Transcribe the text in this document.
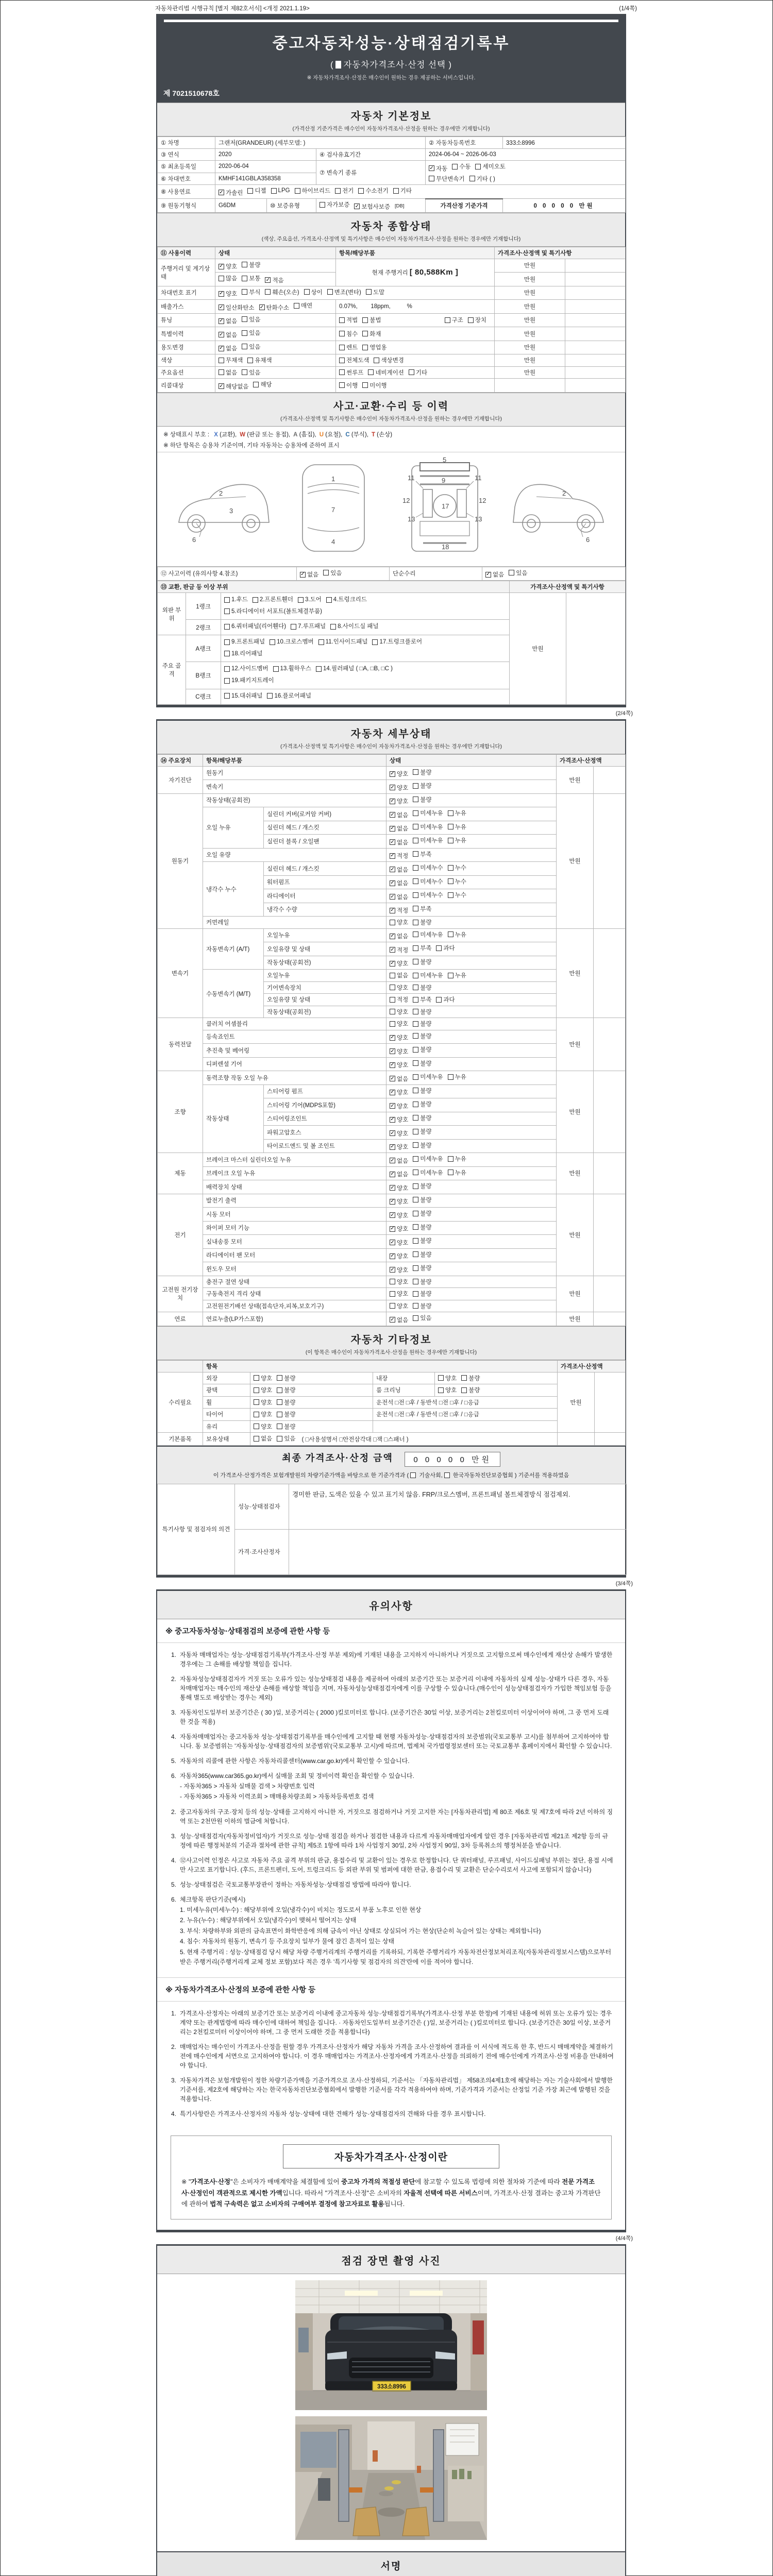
자동차관리법 시행규칙 [별지 제82호서식] <개정 2021.1.19>	(1/4쪽)
중고자동차성능·상태점검기록부
( 자동차가격조사·산정 선택 )
※ 자동차가격조사·산정은 매수인이 원하는 경우 제공하는 서비스입니다.
제 7021510678호
자동차 기본정보
(가격산정 기준가격은 매수인이 자동차가격조사·산정을 원하는 경우에만 기재합니다)
① 차명	그랜저(GRANDEUR) (세부모델: )			② 자동차등록번호	333소8996
③ 연식	2020		④ 검사유효기간	2024-06-04 ~ 2026-06-03	
⑤ 최초등록일	2020-06-04		⑦ 변속기 종류	
✓
자동 수동 세미오토
무단변속기 기타 ( )

⑥ 차대번호	KMHF141GBLA358358				
⑧ 사용연료	
✓가솔린 디젤 LPG 하이브리드 전기 수소전기 기타

⑨ 원동기형식	G6DM	⑩ 보증유형	자가보증 ✓ 보험사보증 [DB]	가격산정 기준가격	0 0 0 0 0 만원
자동차 종합상태
(색상, 주요옵션, 가격조사·산정액 및 특기사항은 매수인이 자동차가격조사·산정을 원하는 경우에만 기재합니다)
⑪ 사용이력	상태	항목/해당부품	가격조사·산정액 및 특기사항	
주행거리 및 계기상태	
✓
양호 불량	현재 주행거리 [ 80,588Km ]	만원	

	많음 보통 ✓ 적음		만원	
차대번호 표기	
✓양호 부식 훼손(오손) 상이 변조(변타) 도말	만원	
배출가스	
✓일산화탄소 ✓ 탄화수소 매연	0.07%,        18ppm,          %	만원	
튜닝	
✓없음 있음	적법 불법 구조 장치	만원	
특별이력	
✓없음 있음	침수 화재	만원	
용도변경	
✓없음 있음	렌트 영업용	만원	
색상	무채색 유채색	전체도색 색상변경	만원	
주요옵션	없음 있음	썬루프 네비게이션 기타	만원	
리콜대상	
✓해당없음 해당	이행 미이행		

사고·교환·수리 등 이력
(가격조사·산정액 및 특기사항은 매수인이 자동차가격조사·산정을 원하는 경우에만 기재합니다)
※ 상태표시 부호 : X (교환), W (판금 또는 용접), A (흠집), U (요철), C (부식), T (손상)
※ 하단 항목은 승용차 기준이며, 기타 자동차는 승용차에 준하여 표시
2
3
6
1
7
4
5
11	11
9
13	13
12	12
17
18
2
6
⑫ 사고이력 (유의사항 4.참조)	
✓없음 있음	단순수리	
✓없음 있음
⑬ 교환, 판금 등 이상 부위			가격조사·산정액 및 특기사항	
외판 부위	1랭크	1.후드 2.프론트휀더 3.도어 4.트렁크리드

5.라디에이터 서포트(볼트체결부품)	만원	
	2랭크	6.쿼터패널(리어휀다) 7.루프패널 8.사이드실 패널		

주요 골격	A랭크	9.프론트패널 10.크로스멤버 11.인사이드패널 17.트렁크플로어

18.리어패널		

	B랭크	12.사이드멤버 13.휠하우스 14.필러패널 ( □A, □B, □C )

19.패키지트레이		

	C랭크	15.대쉬패널 16.플로어패널		
(2/4쪽)
자동차 세부상태
(가격조사·산정액 및 특기사항은 매수인이 자동차가격조사·산정을 원하는 경우에만 기재합니다)
⑭ 주요장치	항목/해당부품		상태	가격조사·산정액	
자기진단	원동기	
✓양호 불량	만원	
	변속기	
✓양호 불량

원동기	작동상태(공회전)	
✓양호 불량	만원	
	오일 누유	실린더 커버(로커암 커버)	
✓없음 미세누유 누유

		실린더 헤드 / 개스킷	
✓없음 미세누유 누유

		실린더 블록 / 오일팬	
✓없음 미세누유 누유

	오일 유량	
✓적정 부족

	냉각수 누수	실린더 헤드 / 개스킷	
✓없음 미세누수 누수

		워터펌프	
✓없음 미세누수 누수

		라디에이터	
✓없음 미세누수 누수

		냉각수 수량	
✓적정 부족

	커먼레일		양호 불량		

변속기	자동변속기 (A/T)	오일누유	
✓없음 미세누유 누유	만원	
		오일유량 및 상태	
✓적정 부족 과다

		작동상태(공회전)	
✓양호 불량

	수동변속기 (M/T)	오일누유	없음 미세누유 누유		

		기어변속장치	양호 불량		

		오일유량 및 상태	적정 부족 과다		

		작동상태(공회전)	양호 불량		

동력전달	클러치 어셈블리		양호 불량	만원	
	등속죠인트	
✓양호 불량

	추진축 및 베어링	
✓양호 불량

	디퍼렌셜 기어	
✓양호 불량

조향	동력조향 작동 오일 누유	
✓없음 미세누유 누유	만원	
	작동상태	스티어링 펌프	
✓양호 불량

		스티어링 기어(MDPS포함)	
✓양호 불량

		스티어링조인트	
✓양호 불량

		파워고압호스	
✓양호 불량

		타이로드엔드 및 볼 조인트	
✓양호 불량

제동	브레이크 마스터 실린더오일 누유	
✓없음 미세누유 누유	만원	
	브레이크 오일 누유	
✓없음 미세누유 누유

	배력장치 상태	
✓양호 불량

전기	발전기 출력	
✓양호 불량	만원	
	시동 모터	
✓양호 불량

	와이퍼 모터 기능	
✓양호 불량

	실내송풍 모터	
✓양호 불량

	라디에이터 팬 모터	
✓양호 불량

	윈도우 모터	
✓양호 불량

고전원 전기장치	충전구 절연 상태		양호 불량	만원	
	구동축전지 격리 상태		양호 불량		

	고전원전기배선 상태(접속단자,피복,보호기구)		양호 불량		

연료	연료누출(LP가스포함)	
✓없음 있음	만원	
자동차 기타정보
(이 항목은 매수인이 자동차가격조사·산정을 원하는 경우에만 기재합니다)
	항목				가격조사·산정액	
수리필요	외장	양호 불량	내장	양호 불량	만원	
	광택	양호 불량	룸 크리닝	양호 불량		

	휠	양호 불량	운전석 □전 □후 / 동반석 □전 □후 / □응급			
	타이어	양호 불량	운전석 □전 □후 / 동반석 □전 □후 / □응급			
	유리	양호 불량				

기본품목	보유상태	없음 있음 ( □사용설명서 □안전삼각대 □잭 □스패너 )				

최종 가격조사·산정 금액	0 0 0 0 0 만원
이 가격조사·산정가격은 보험개발원의 차량기준가액을 바탕으로 한 기준가격과 (  기술사회,  한국자동차진단보증협회 ) 기준서를 적용하였음
특기사항 및 점검자의 의견	성능·상태점검자	경미한 판금, 도색은 있을 수 있고 표기치 않음. FRP/크로스멤버, 프론트패널 볼트체결방식 점검제외.
	가격·조사산정자	
(3/4쪽)
유의사항
※ 중고자동차성능·상태점검의 보증에 관한 사항 등
1. 자동차 매매업자는 성능·상태점검기록부(가격조사·산정 부분 제외)에 기재된 내용을 고지하지 아니하거나 거짓으로 고지함으로써 매수인에게 재산상 손해가 발생한 경우에는 그 손해를 배상할 책임을 집니다.
2. 자동차성능상태점검자가 거짓 또는 오류가 있는 성능상태점검 내용을 제공하여 아래의 보증기간 또는 보증거리 이내에 자동차의 실제 성능·상태가 다른 경우, 자동차매매업자는 매수인의 재산상 손해를 배상할 책임을 지며, 자동차성능상태점검자에게 이를 구상할 수 있습니다.(매수인이 성능상태점검자가 가입한 책임보험 등을 통해 별도로 배상받는 경우는 제외)
3. 자동차인도일부터 보증기간은 ( 30 )일, 보증거리는 ( 2000 )킬로미터로 합니다. (보증기간은 30일 이상, 보증거리는 2천킬로미터 이상이어야 하며, 그 중 먼저 도래한 것을 적용)
4. 자동차매매업자는 중고자동차 성능·상태점검기록부를 매수인에게 고지할 때 현행 자동차성능·상태점검자의 보증범위(국토교통부 고시)를 첨부하여 고지하여야 합니다. 동 보증범위는 '자동차성능·상태점검자의 보증범위'(국토교통부 고시)에 따르며, 법제처 국가법령정보센터 또는 국토교통부 홈페이지에서 확인할 수 있습니다.
5. 자동차의 리콜에 관한 사항은 자동차리콜센터(www.car.go.kr)에서 확인할 수 있습니다.
6. 자동차365(www.car365.go.kr)에서 실매물 조회 및 정비이력 확인을 확인할 수 있습니다.
- 자동차365 > 자동차 실매물 검색 > 차량번호 입력
- 자동차365 > 자동차 이력조회 > 매매용차량조회 > 자동차등록번호 검색
2. 중고자동차의 구조·장치 등의 성능·상태를 고지하지 아니한 자, 거짓으로 점검하거나 거짓 고지한 자는 [자동차관리법] 제 80조 제6호 및 제7호에 따라 2년 이하의 징역 또는 2천만원 이하의 벌금에 처합니다.
3. 성능·상태점검자(자동차정비업자)가 거짓으로 성능·상태 점검을 하거나 점검한 내용과 다르게 자동차매매업자에게 알린 경우 [자동차관리법 제21조 제2항 등의 규정에 따른 행정처분의 기준과 절차에 관한 규칙] 제5조 1항에 따라 1차 사업정지 30일, 2차 사업정지 90일, 3차 등록취소의 행정처분을 받습니다.
4. ⑫사고이력 인정은 사고로 자동차 주요 골격 부위의 판금, 용접수리 및 교환이 있는 경우로 한정합니다. 단 쿼터패널, 루프패널, 사이드실패널 부위는 절단, 용접 시에만 사고로 표기합니다. (후드, 프론트펜더, 도어, 트렁크리드 등 외판 부위 및 범퍼에 대한 판금, 용접수리 및 교환은 단순수리로서 사고에 포함되지 않습니다)
5. 성능·상태점검은 국토교통부장관이 정하는 자동차성능·상태점검 방법에 따라야 합니다.
6. 체크항목 판단기준(예시)
1. 미세누유(미세누수) : 해당부위에 오일(냉각수)이 비치는 정도로서 부품 노후로 인한 현상
2. 누유(누수) : 해당부위에서 오일(냉각수)이 맺혀서 떨어지는 상태
3. 부식: 차량하부와 외판의 금속표면이 화학반응에 의해 금속이 아닌 상태로 상실되어 가는 현상(단순히 녹슬어 있는 상태는 제외합니다)
4. 침수: 자동차의 원동기, 변속기 등 주요장치 일부가 물에 잠긴 흔적이 있는 상태
5. 현재 주행거리 : 성능·상태점검 당시 해당 차량 주행거리계의 주행거리를 기록하되, 기록한 주행거리가 자동차전산정보처리조직(자동차관리정보시스템)으로부터 받은 주행거리(주행거리계 교체 정보 포함)보다 적은 경우 '특기사항 및 점검자의 의견'란에 이를 적어야 합니다.
※ 자동차가격조사·산정의 보증에 관한 사항 등
1. 가격조사·산정자는 아래의 보증기간 또는 보증거리 이내에 중고자동차 성능·상태점검기록부(가격조사·산정 부분 한정)에 기재된 내용에 허위 또는 오류가 있는 경우 계약 또는 관계법령에 따라 매수인에 대하여 책임을 집니다. · 자동차인도일부터 보증기간은 ( )일, 보증거리는 ( )킬로미터로 합니다. (보증기간은 30일 이상, 보증거리는 2천킬로미터 이상이어야 하며, 그 중 먼저 도래한 것을 적용합니다)
2. 매매업자는 매수인이 가격조사·산정을 원할 경우 가격조사·산정자가 해당 자동차 가격을 조사·산정하여 결과를 이 서식에 적도록 한 후, 반드시 매매계약을 체결하기 전에 매수인에게 서면으로 고지하여야 합니다. 이 경우 매매업자는 가격조사·산정자에게 가격조사·산정을 의뢰하기 전에 매수인에게 가격조사·산정 비용을 안내하여야 합니다.
3. 자동차가격은 보험개발원이 정한 차량기준가액을 기준가격으로 조사·산정하되, 기준서는 「자동차관리법」 제58조의4제1호에 해당하는 자는 기술사회에서 발행한 기준서를, 제2호에 해당하는 자는 한국자동차진단보증협회에서 발행한 기준서를 각각 적용하여야 하며, 기준가격과 기준서는 산정일 기준 가장 최근에 발행된 것을 적용합니다.
4. 특기사항란은 가격조사·산정자의 자동차 성능·상태에 대한 견해가 성능·상태점검자의 견해와 다를 경우 표시합니다.
자동차가격조사·산정이란
※ "가격조사·산정"은 소비자가 매매계약을 체결함에 있어 중고차 가격의 적절성 판단에 참고할 수 있도록 법령에 의한 절차와 기준에 따라 전문 가격조사·산정인이 객관적으로 제시한 가액입니다. 따라서 "가격조사·산정"은 소비자의 자율적 선택에 따른 서비스이며, 가격조사·산정 결과는 중고차 가격판단에 관하여 법적 구속력은 없고 소비자의 구매여부 결정에 참고자료로 활용됩니다.
(4/4쪽)
점검 장면 촬영 사진
333소8996
서명
